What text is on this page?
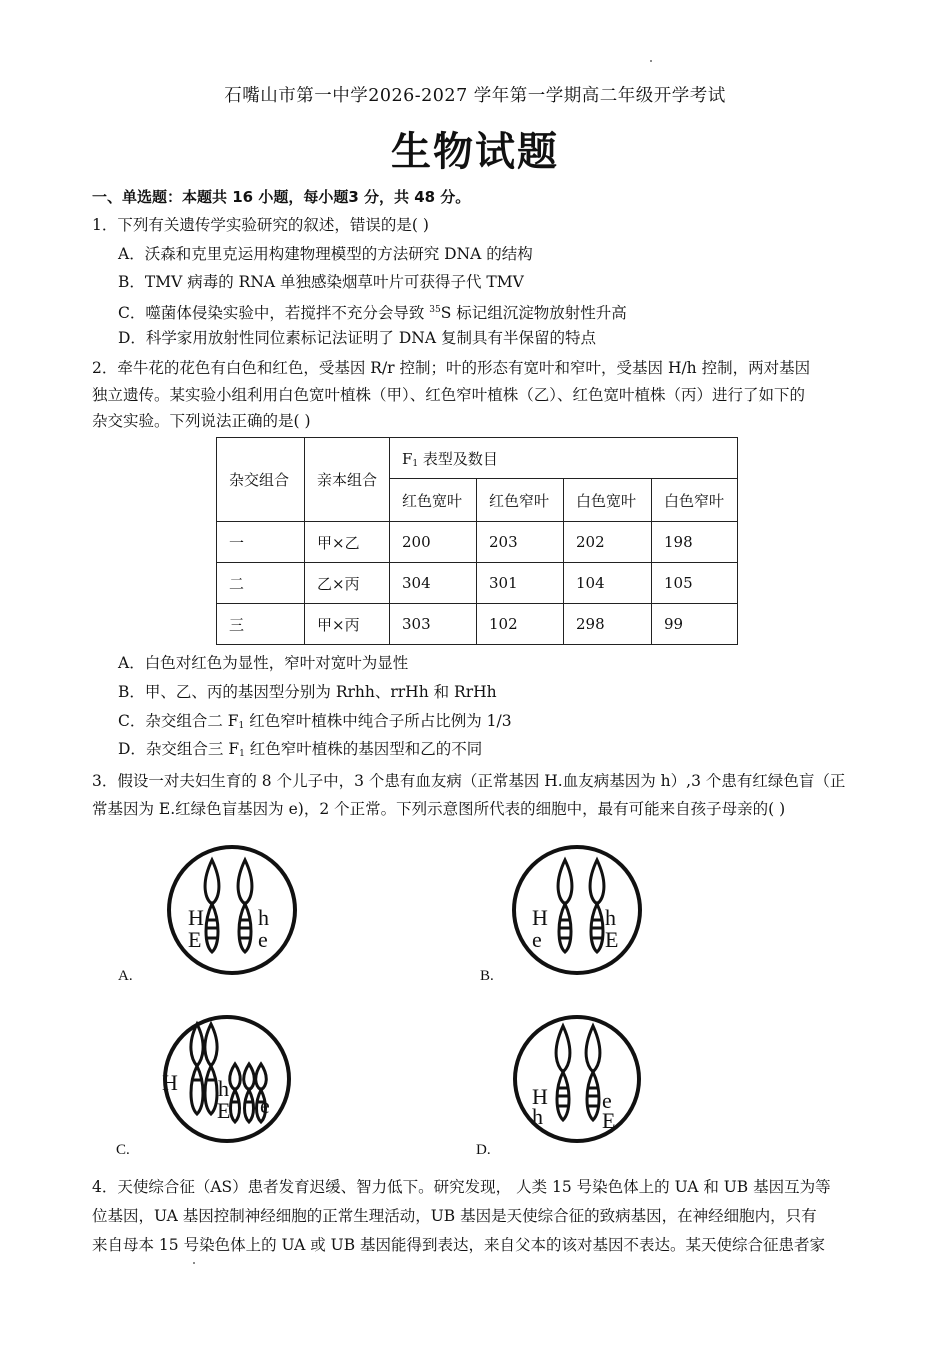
石嘴山市第一中学2026-2027 学年第一学期高二年级开学考试
生物试题
一、单选题：本题共 16 小题，每小题3 分，共 48 分。
1．下列有关遗传学实验研究的叙述，错误的是( )
A．沃森和克里克运用构建物理模型的方法研究 DNA 的结构
B．TMV 病毒的 RNA 单独感染烟草叶片可获得子代 TMV
C．噬菌体侵染实验中，若搅拌不充分会导致 $^{35}$S 标记组沉淀物放射性升高
D．科学家用放射性同位素标记法证明了 DNA 复制具有半保留的特点
2．牵牛花的花色有白色和红色，受基因 R/r 控制；叶的形态有宽叶和窄叶，受基因 H/h 控制，两对基因
独立遗传。某实验小组利用白色宽叶植株（甲）、红色窄叶植株（乙）、红色宽叶植株（丙）进行了如下的
杂交实验。下列说法正确的是( )
杂交组合	亲本组合	$F_1$ 表型及数目			
		红色宽叶	红色窄叶	白色宽叶	白色窄叶
一	甲×乙	200	203	202	198
二	乙×丙	304	301	104	105
三	甲×丙	303	102	298	99
A．白色对红色为显性，窄叶对宽叶为显性
B．甲、乙、丙的基因型分别为 Rrhh、rrHh 和 RrHh
C．杂交组合二 $F_1$ 红色窄叶植株中纯合子所占比例为 1/3
D．杂交组合三 $F_1$ 红色窄叶植株的基因型和乙的不同
3．假设一对夫妇生育的 8 个儿子中，3 个患有血友病（正常基因 H.血友病基因为 h）,3 个患有红绿色盲（正
常基因为 E.红绿色盲基因为 e)，2 个正常。下列示意图所代表的细胞中，最有可能来自孩子母亲的( )
H
E
h
e
A.
H
e
h
E
B.
H h
E e
C.
H
h
e
E
D.
4．天使综合征（AS）患者发育迟缓、智力低下。研究发现， 人类 15 号染色体上的 UA 和 UB 基因互为等
位基因，UA 基因控制神经细胞的正常生理活动，UB 基因是天使综合征的致病基因，在神经细胞内，只有
来自母本 15 号染色体上的 UA 或 UB 基因能得到表达，来自父本的该对基因不表达。某天使综合征患者家
